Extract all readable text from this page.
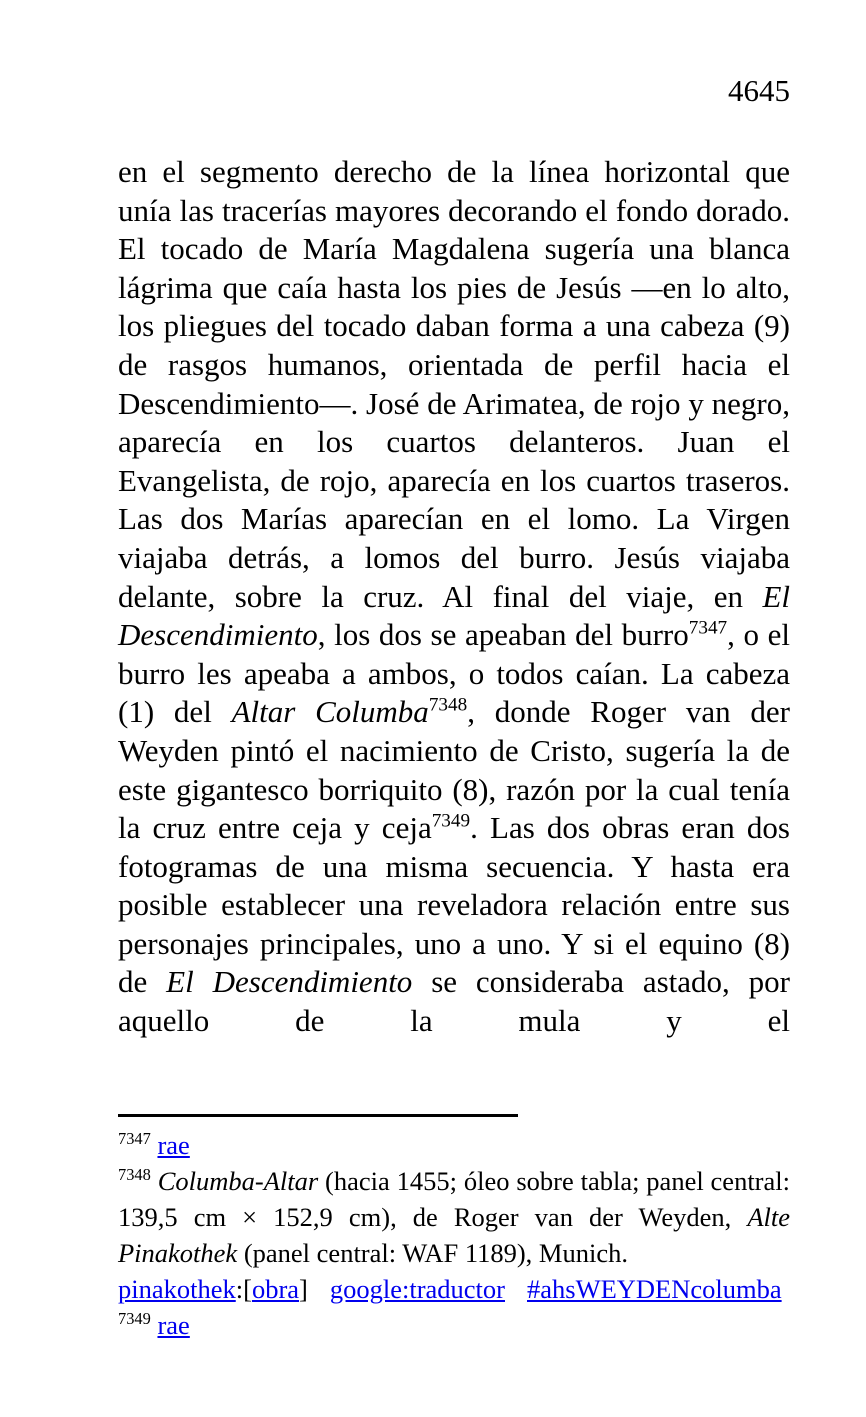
4645
en el segmento derecho de la línea horizontal que unía las tracerías mayores decorando el fondo dorado. El tocado de María Magdalena sugería una blanca lágrima que caía hasta los pies de Jesús —en lo alto, los pliegues del tocado daban forma a una cabeza (9) de rasgos humanos, orientada de perfil hacia el Descendimiento—. José de Arimatea, de rojo y negro, aparecía en los cuartos delanteros. Juan el Evangelista, de rojo, aparecía en los cuartos traseros. Las dos Marías aparecían en el lomo. La Virgen viajaba detrás, a lomos del burro. Jesús viajaba delante, sobre la cruz. Al final del viaje, en El Descendimiento, los dos se apeaban del burro$^{7347}$, o el burro les apeaba a ambos, o todos caían. La cabeza (1) del Altar Columba$^{7348}$, donde Roger van der Weyden pintó el nacimiento de Cristo, sugería la de este gigantesco borriquito (8), razón por la cual tenía la cruz entre ceja y ceja$^{7349}$. Las dos obras eran dos fotogramas de una misma secuencia. Y hasta era posible establecer una reveladora relación entre sus personajes principales, uno a uno. Y si el equino (8) de El Descendimiento se consideraba astado, por aquello de la mula y el
$^{7347}$ rae
$^{7348}$ Columba-Altar (hacia 1455; óleo sobre tabla; panel central: 139,5 cm × 152,9 cm), de Roger van der Weyden, Alte Pinakothek (panel central: WAF 1189), Munich.
pinakothek:[obra] google:traductor #ahsWEYDENcolumba
$^{7349}$ rae
